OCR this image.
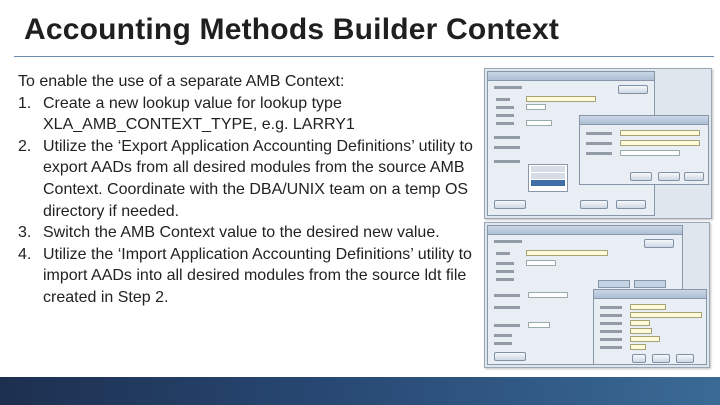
Accounting Methods Builder Context
To enable the use of a separate AMB Context:
1. Create a new lookup value for lookup type XLA_AMB_CONTEXT_TYPE, e.g. LARRY1
2. Utilize the ‘Export Application Accounting Definitions’ utility to export AADs from all desired modules from the source AMB Context. Coordinate with the DBA/UNIX team on a temp OS directory if needed.
3. Switch the AMB Context value to the desired new value.
4. Utilize the ‘Import Application Accounting Definitions’ utility to import AADs into all desired modules from the source ldt file created in Step 2.
